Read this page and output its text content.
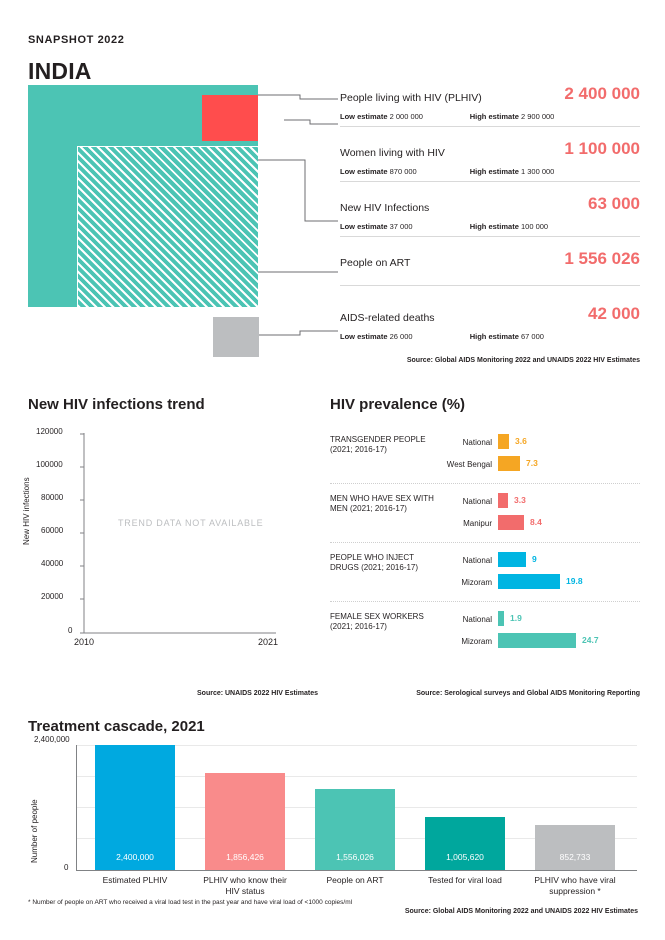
SNAPSHOT 2022
INDIA
People living with HIV (PLHIV)	2 400 000
Low estimate 2 000 000	High estimate 2 900 000
Women living with HIV	1 100 000
Low estimate 870 000	High estimate 1 300 000
New HIV Infections	63 000
Low estimate 37 000	High estimate 100 000
People on ART	1 556 026
AIDS-related deaths	42 000
Low estimate 26 000	High estimate 67 000
Source: Global AIDS Monitoring 2022 and UNAIDS 2022 HIV Estimates
New HIV infections trend
New HIV infections
120000
100000
80000
60000
40000
20000
0
2010	2021
TREND DATA NOT AVAILABLE
Source: UNAIDS 2022 HIV Estimates
HIV prevalence (%)
TRANSGENDER PEOPLE (2021; 2016-17)
National	3.6
West Bengal	7.3
MEN WHO HAVE SEX WITH MEN (2021; 2016-17)
National	3.3
Manipur	8.4
PEOPLE WHO INJECT DRUGS (2021; 2016-17)
National	9
Mizoram	19.8
FEMALE SEX WORKERS (2021; 2016-17)
National 1.9
Mizoram	24.7
Source: Serological surveys and Global AIDS Monitoring Reporting
Treatment cascade, 2021
Number of people
2,400,000
0
2,400,000	1,856,426	1,556,026	1,005,620	852,733
Estimated PLHIV	PLHIV who know their HIV status
People on ART	Tested for viral load	PLHIV who have viral suppression *
* Number of people on ART who received a viral load test in the past year and have viral load of <1000 copies/ml
Source: Global AIDS Monitoring 2022 and UNAIDS 2022 HIV Estimates
